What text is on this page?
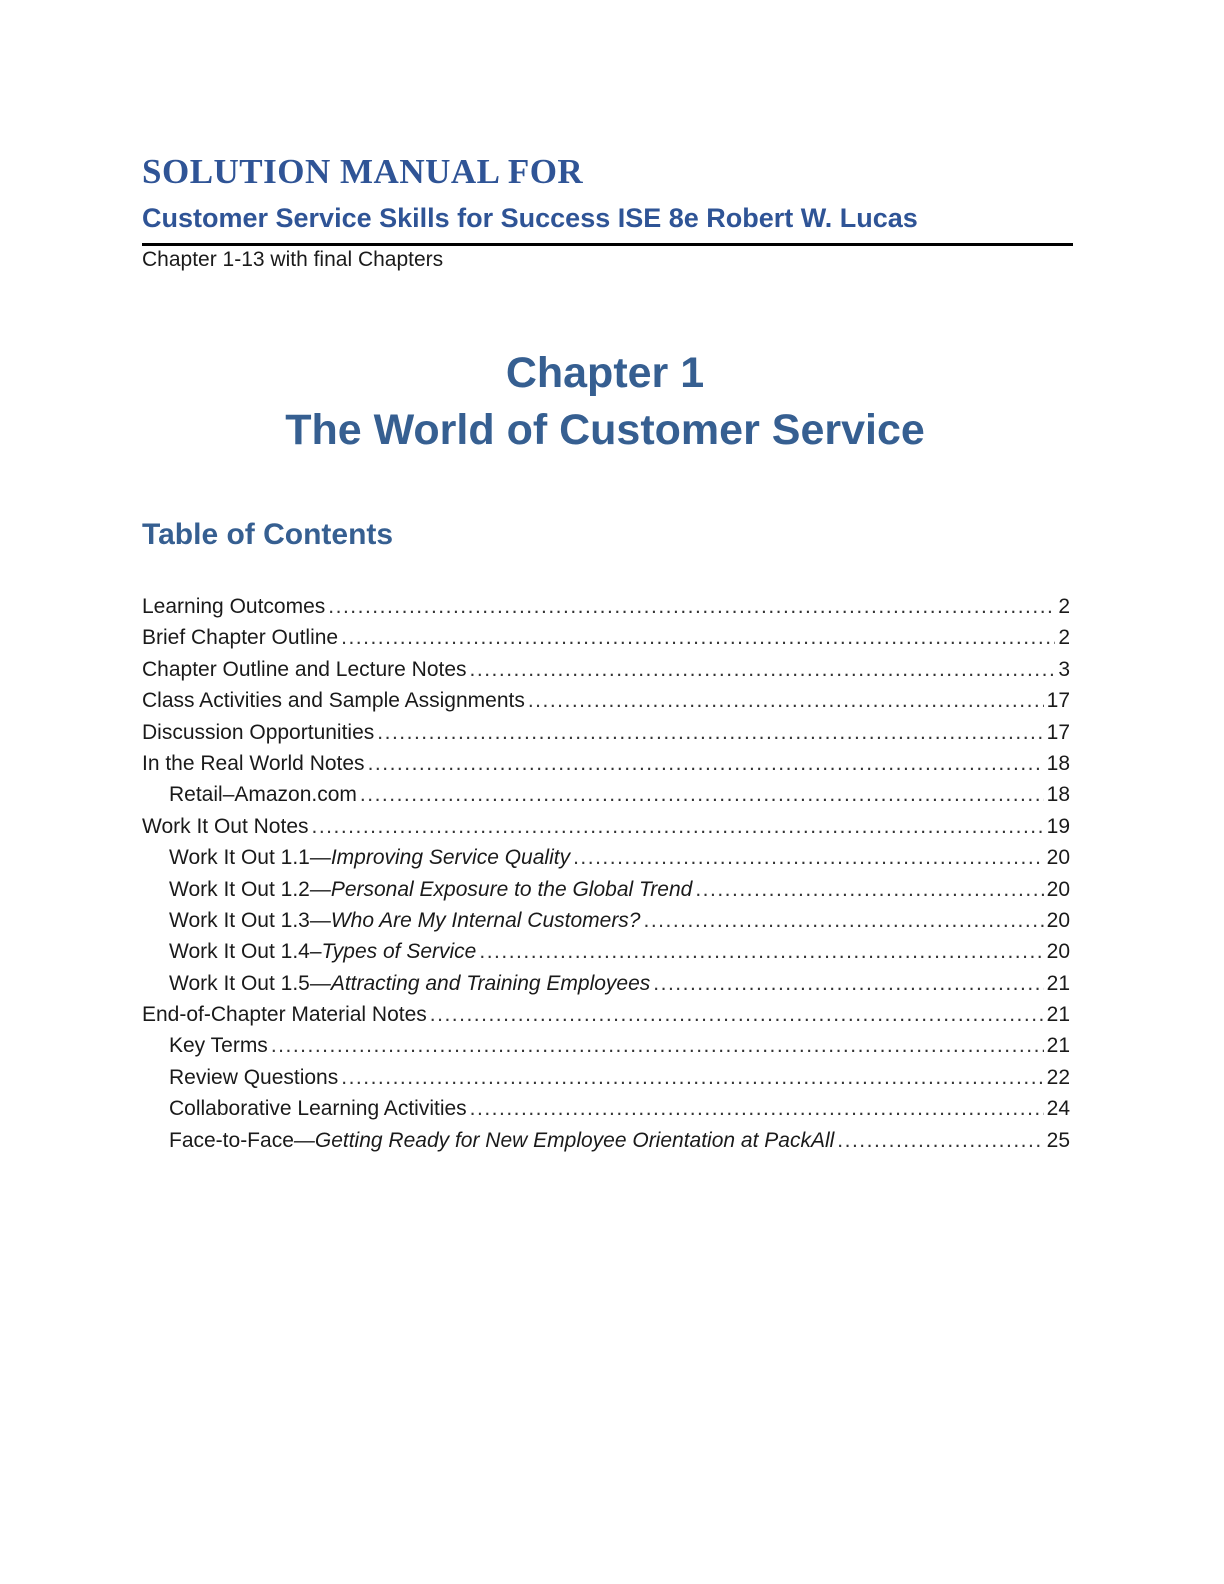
SOLUTION MANUAL FOR
Customer Service Skills for Success ISE 8e Robert W. Lucas
Chapter 1-13 with final Chapters
Chapter 1
The World of Customer Service
Table of Contents
Learning Outcomes .....	2
Brief Chapter Outline .....	2
Chapter Outline and Lecture Notes .....	3
Class Activities and Sample Assignments .....	17
Discussion Opportunities .....	17
In the Real World Notes .....	18
Retail–Amazon.com .....	18
Work It Out Notes .....	19
Work It Out 1.1— Improving Service Quality .....	20
Work It Out 1.2— Personal Exposure to the Global Trend .....	20
Work It Out 1.3— Who Are My Internal Customers? .....	20
Work It Out 1.4– Types of Service .....	20
Work It Out 1.5— Attracting and Training Employees .....	21
End-of-Chapter Material Notes .....	21
Key Terms .....	21
Review Questions .....	22
Collaborative Learning Activities .....	24
Face-to-Face— Getting Ready for New Employee Orientation at PackAll .....	25
